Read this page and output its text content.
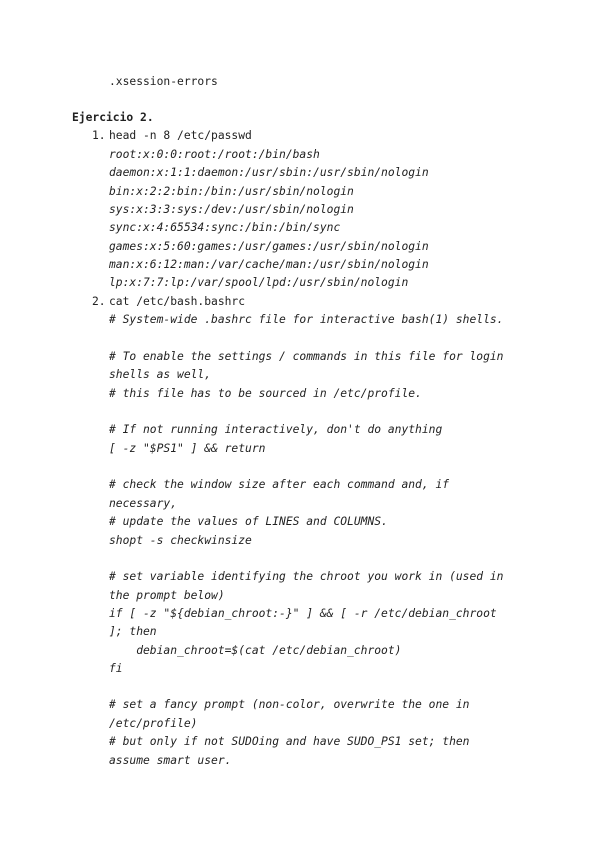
.xsession-errors
Ejercicio 2.
1. head -n 8 /etc/passwd
root:x:0:0:root:/root:/bin/bash
daemon:x:1:1:daemon:/usr/sbin:/usr/sbin/nologin
bin:x:2:2:bin:/bin:/usr/sbin/nologin
sys:x:3:3:sys:/dev:/usr/sbin/nologin
sync:x:4:65534:sync:/bin:/bin/sync
games:x:5:60:games:/usr/games:/usr/sbin/nologin
man:x:6:12:man:/var/cache/man:/usr/sbin/nologin
lp:x:7:7:lp:/var/spool/lpd:/usr/sbin/nologin
2. cat /etc/bash.bashrc
# System-wide .bashrc file for interactive bash(1) shells.
# To enable the settings / commands in this file for login
shells as well,
# this file has to be sourced in /etc/profile.
# If not running interactively, don't do anything
[ -z "$PS1" ] && return
# check the window size after each command and, if
necessary,
# update the values of LINES and COLUMNS.
shopt -s checkwinsize
# set variable identifying the chroot you work in (used in
the prompt below)
if [ -z "${debian_chroot:-}" ] && [ -r /etc/debian_chroot
]; then
debian_chroot=$(cat /etc/debian_chroot)
fi
# set a fancy prompt (non-color, overwrite the one in
/etc/profile)
# but only if not SUDOing and have SUDO_PS1 set; then
assume smart user.
